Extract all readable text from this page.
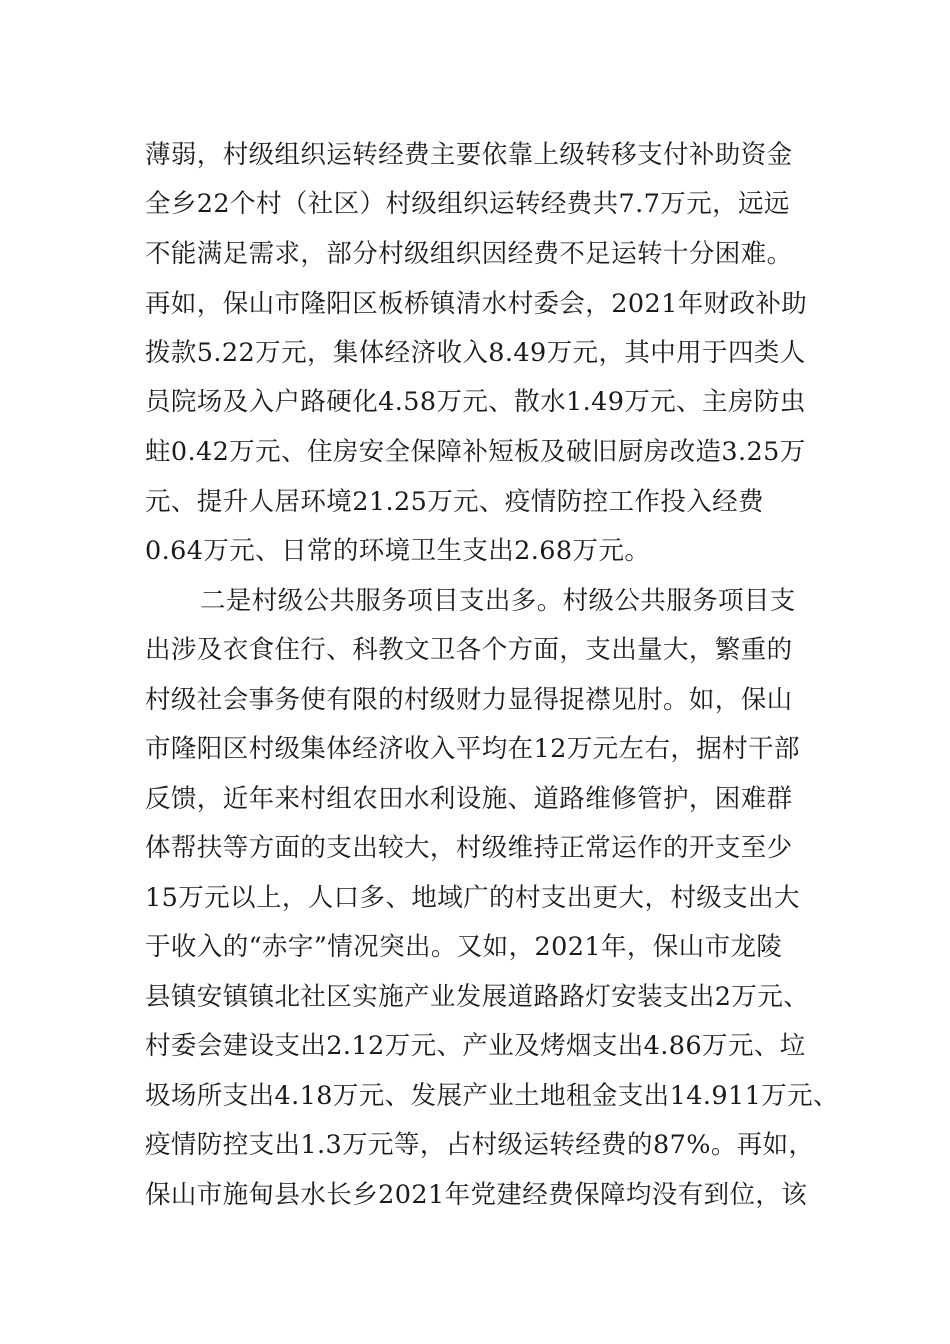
薄弱，村级组织运转经费主要依靠上级转移支付补助资金
全乡22个村（社区）村级组织运转经费共7.7万元，远远
不能满足需求，部分村级组织因经费不足运转十分困难。
再如，保山市隆阳区板桥镇清水村委会，2021年财政补助
拨款5.22万元，集体经济收入8.49万元，其中用于四类人
员院场及入户路硬化4.58万元、散水1.49万元、主房防虫
蛀0.42万元、住房安全保障补短板及破旧厨房改造3.25万
元、提升人居环境21.25万元、疫情防控工作投入经费
0.64万元、日常的环境卫生支出2.68万元。
二是村级公共服务项目支出多。村级公共服务项目支
出涉及衣食住行、科教文卫各个方面，支出量大，繁重的
村级社会事务使有限的村级财力显得捉襟见肘。如，保山
市隆阳区村级集体经济收入平均在12万元左右，据村干部
反馈，近年来村组农田水利设施、道路维修管护，困难群
体帮扶等方面的支出较大，村级维持正常运作的开支至少
15万元以上，人口多、地域广的村支出更大，村级支出大
于收入的“赤字”情况突出。又如，2021年，保山市龙陵
县镇安镇镇北社区实施产业发展道路路灯安装支出2万元、
村委会建设支出2.12万元、产业及烤烟支出4.86万元、垃
圾场所支出4.18万元、发展产业土地租金支出14.911万元、
疫情防控支出1.3万元等，占村级运转经费的87%。再如，
保山市施甸县水长乡2021年党建经费保障均没有到位，该
